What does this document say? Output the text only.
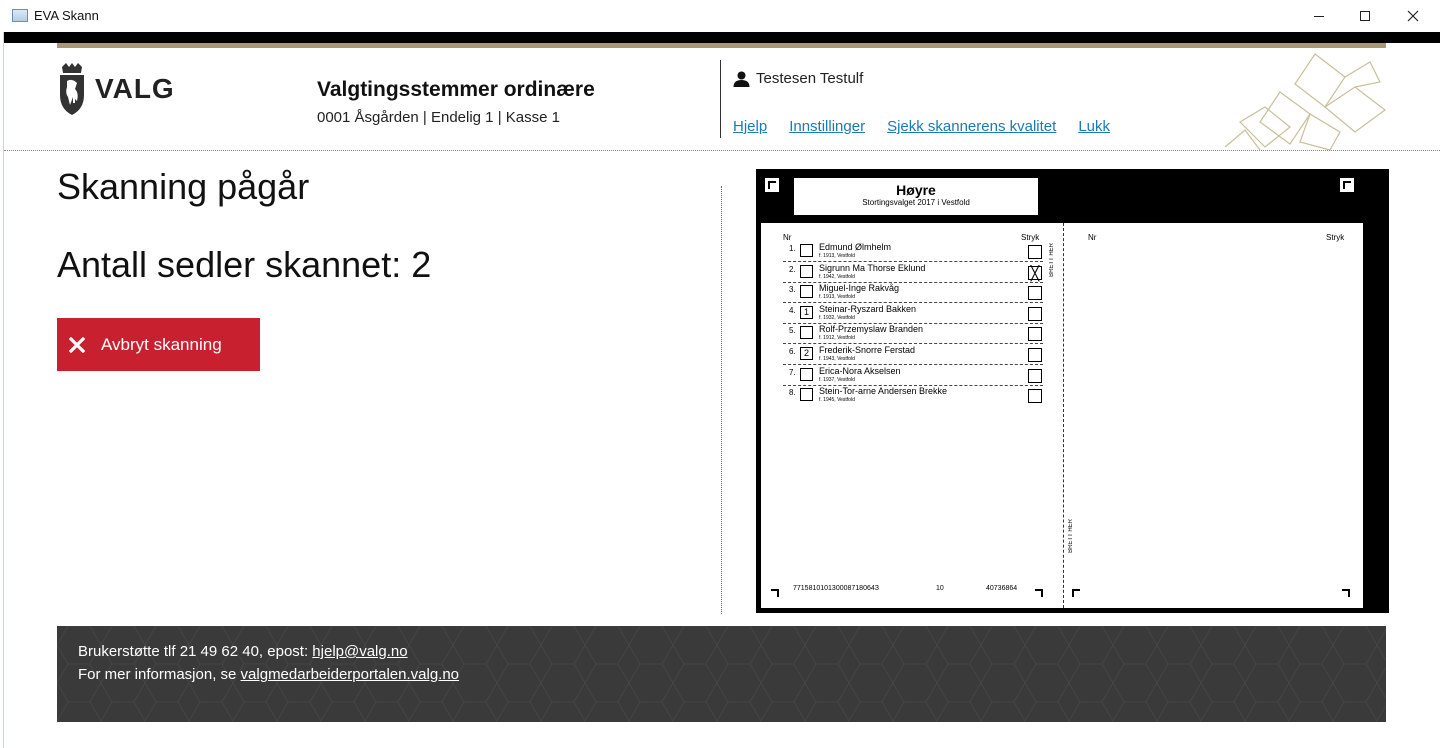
EVA Skann
VALG	Valgtingsstemmer ordinære
0001 Åsgården | Endelig 1 | Kasse 1
Testesen Testulf
Hjelp Innstillinger Sjekk skannerens kvalitet Lukk
Skanning pågår
Antall sedler skannet: 2
Avbryt skanning
Høyre
Stortingsvalget 2017 i Vestfold
Nr	Stryk
1.	Edmund Ølmhelm
f. 1913, Vestfold
2.	Sigrunn Ma Thorse Eklund
f. 1942, Vestfold	╳
3.	Miguel-Inge Rakvåg
f. 1913, Vestfold
4. 1	Steinar-Ryszard Bakken
f. 1932, Vestfold
5.	Rolf-Przemyslaw Branden
f. 1912, Vestfold
6. 2	Frederik-Snorre Ferstad
f. 1943, Vestfold
7.	Erica-Nora Akselsen
f. 1937, Vestfold
8.	Stein-Tor-arne Andersen Brekke
f. 1945, Vestfold
BRETT HER
771581010130008718064З	10	40736864
Nr	Stryk
BRETT HER
Brukerstøtte tlf 21 49 62 40, epost: hjelp@valg.no
For mer informasjon, se valgmedarbeiderportalen.valg.no
